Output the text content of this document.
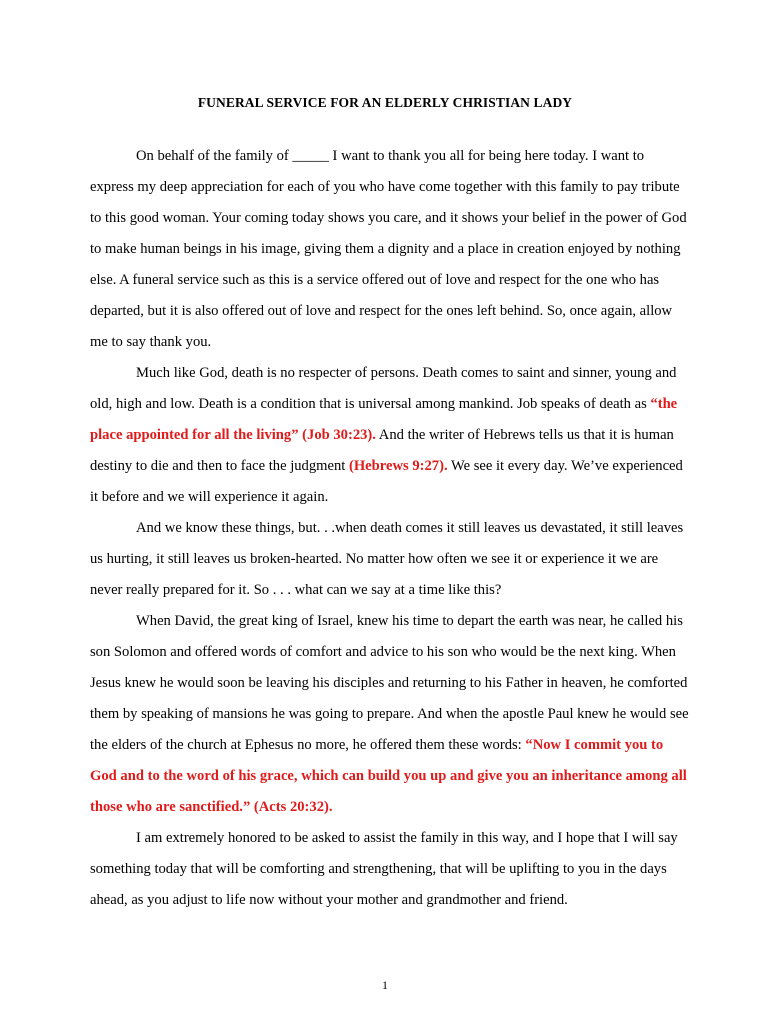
FUNERAL SERVICE FOR AN ELDERLY CHRISTIAN LADY

On behalf of the family of _____ I want to thank you all for being here today. I want to express my deep appreciation for each of you who have come together with this family to pay tribute to this good woman. Your coming today shows you care, and it shows your belief in the power of God to make human beings in his image, giving them a dignity and a place in creation enjoyed by nothing else. A funeral service such as this is a service offered out of love and respect for the one who has departed, but it is also offered out of love and respect for the ones left behind. So, once again, allow me to say thank you.

Much like God, death is no respecter of persons. Death comes to saint and sinner, young and old, high and low. Death is a condition that is universal among mankind. Job speaks of death as “the place appointed for all the living” (Job 30:23). And the writer of Hebrews tells us that it is human destiny to die and then to face the judgment (Hebrews 9:27). We see it every day. We’ve experienced it before and we will experience it again.

And we know these things, but. . .when death comes it still leaves us devastated, it still leaves us hurting, it still leaves us broken-hearted. No matter how often we see it or experience it we are never really prepared for it. So . . . what can we say at a time like this?

When David, the great king of Israel, knew his time to depart the earth was near, he called his son Solomon and offered words of comfort and advice to his son who would be the next king. When Jesus knew he would soon be leaving his disciples and returning to his Father in heaven, he comforted them by speaking of mansions he was going to prepare. And when the apostle Paul knew he would see the elders of the church at Ephesus no more, he offered them these words: “Now I commit you to God and to the word of his grace, which can build you up and give you an inheritance among all those who are sanctified.” (Acts 20:32).

I am extremely honored to be asked to assist the family in this way, and I hope that I will say something today that will be comforting and strengthening, that will be uplifting to you in the days ahead, as you adjust to life now without your mother and grandmother and friend.

1
